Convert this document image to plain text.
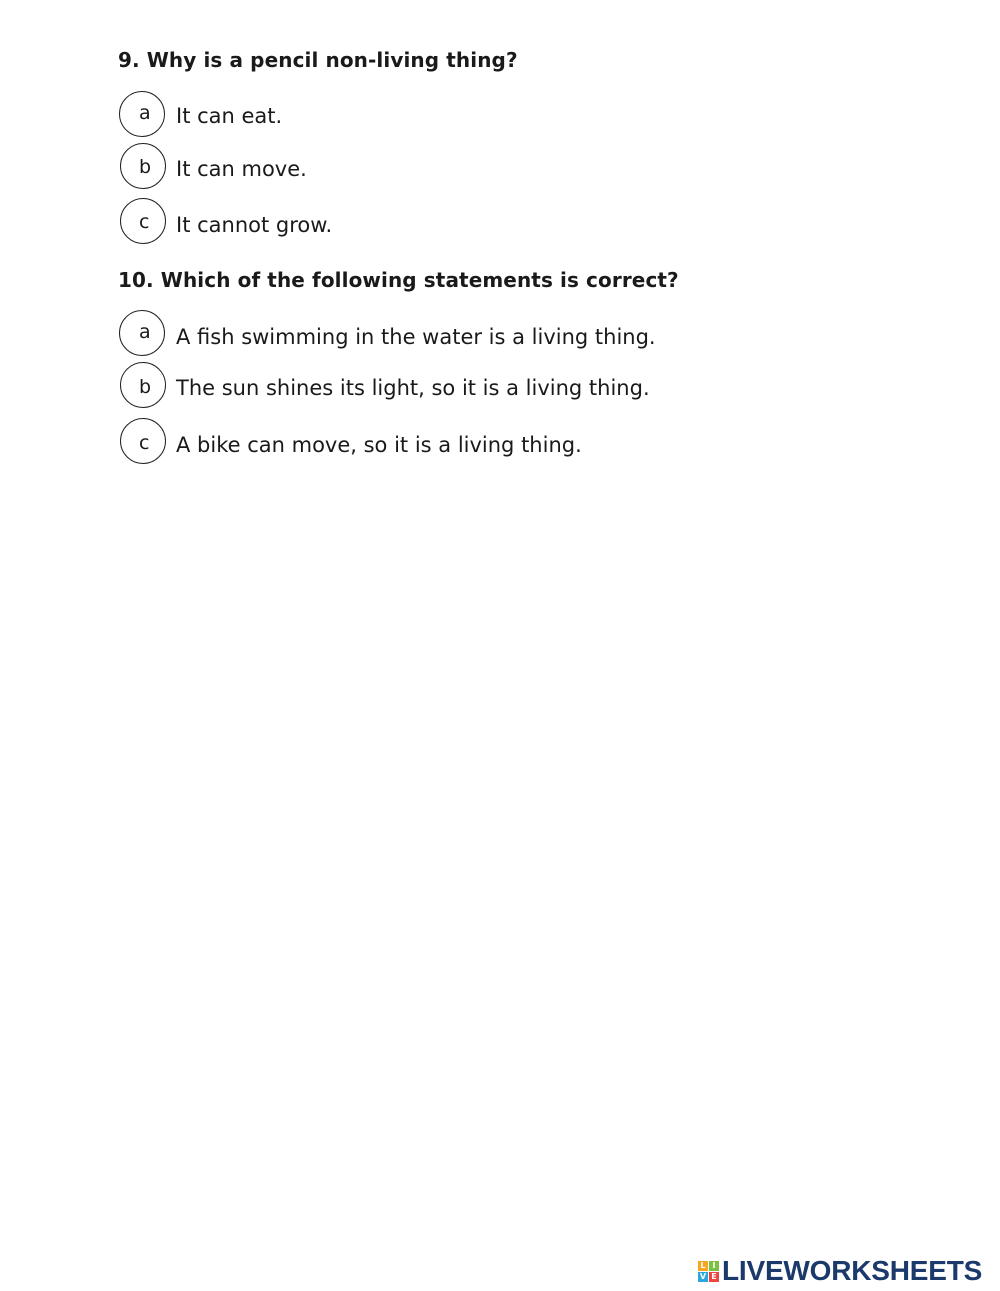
9. Why is a pencil non-living thing?

a It can eat.
b It can move.
c It cannot grow.

10. Which of the following statements is correct?

a A fish swimming in the water is a living thing.
b The sun shines its light, so it is a living thing.
c A bike can move, so it is a living thing.
L I
V E LIVEWORKSHEETS
